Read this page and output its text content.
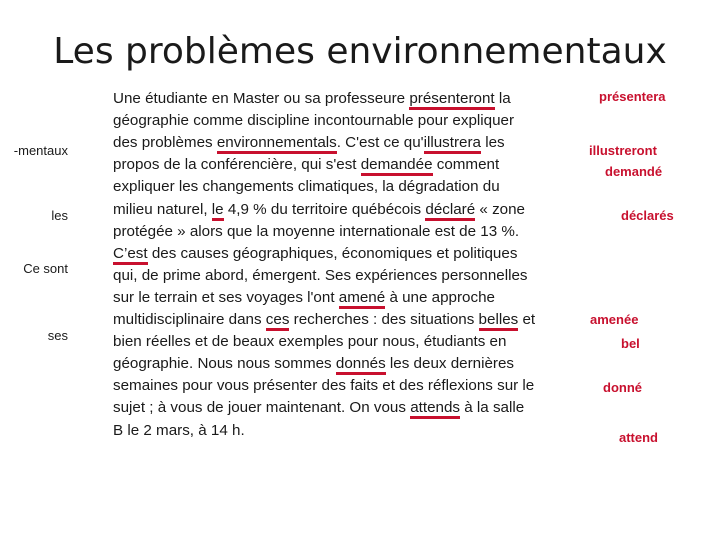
Les problèmes environnementaux
-mentaux
les
Ce sont
ses
Une étudiante en Master ou sa professeure présenteront la
géographie comme discipline incontournable pour expliquer
des problèmes environnementals. C'est ce qu'illustrera les
propos de la conférencière, qui s'est demandée comment
expliquer les changements climatiques, la dégradation du
milieu naturel, le 4,9 % du territoire québécois déclaré « zone
protégée » alors que la moyenne internationale est de 13 %.
C’est des causes géographiques, économiques et politiques
qui, de prime abord, émergent. Ses expériences personnelles
sur le terrain et ses voyages l'ont amené à une approche
multidisciplinaire dans ces recherches : des situations belles et
bien réelles et de beaux exemples pour nous, étudiants en
géographie. Nous nous sommes donnés les deux dernières
semaines pour vous présenter des faits et des réflexions sur le
sujet ; à vous de jouer maintenant. On vous attends à la salle
B le 2 mars, à 14 h.
présentera
illustreront
demandé
déclarés
amenée
bel
donné
attend
